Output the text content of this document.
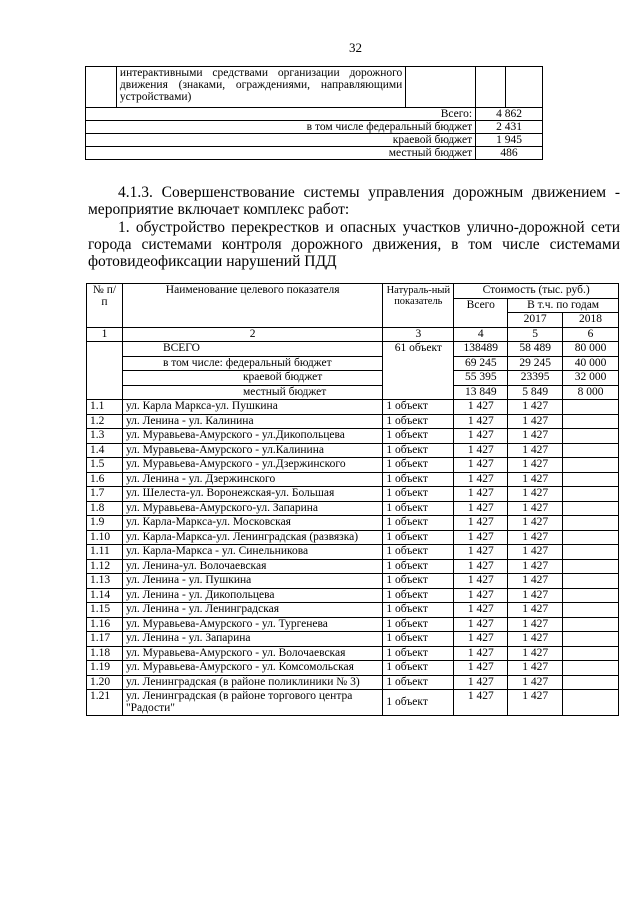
32
	интерактивными средствами организации дорожного движения (знаками, ограждениями, направляющими устройствами)			
Всего:			4 862	
в том числе федеральный бюджет			2 431	
краевой бюджет			1 945	
местный бюджет			486	
4.1.3. Совершенствование системы управления дорожным движением - мероприятие включает комплекс работ:
1. обустройство перекрестков и опасных участков улично-дорожной сети города системами контроля дорожного движения, в том числе системами фотовидеофиксации нарушений ПДД
№ п/п	Наименование целевого показателя	Натураль-ный показатель	Стоимость (тыс. руб.)		
			Всего	В т.ч. по годам	
				2017	2018
1	2	3	4	5	6
	ВСЕГО	61 объект	138489	58 489	80 000
	в том числе: федеральный бюджет		69 245	29 245	40 000
	краевой бюджет		55 395	23395	32 000
	местный бюджет		13 849	5 849	8 000
1.1	ул. Карла Маркса-ул. Пушкина	1 объект	1 427	1 427	
1.2	ул. Ленина - ул. Калинина	1 объект	1 427	1 427	
1.3	ул. Муравьева-Амурского - ул.Дикопольцева	1 объект	1 427	1 427	
1.4	ул. Муравьева-Амурского - ул.Калинина	1 объект	1 427	1 427	
1.5	ул. Муравьева-Амурского - ул.Дзержинского	1 объект	1 427	1 427	
1.6	ул. Ленина - ул. Дзержинского	1 объект	1 427	1 427	
1.7	ул. Шелеста-ул. Воронежская-ул. Большая	1 объект	1 427	1 427	
1.8	ул. Муравьева-Амурского-ул. Запарина	1 объект	1 427	1 427	
1.9	ул. Карла-Маркса-ул. Московская	1 объект	1 427	1 427	
1.10	ул. Карла-Маркса-ул. Ленинградская (развязка)	1 объект	1 427	1 427	
1.11	ул. Карла-Маркса - ул. Синельникова	1 объект	1 427	1 427	
1.12	ул. Ленина-ул. Волочаевская	1 объект	1 427	1 427	
1.13	ул. Ленина - ул. Пушкина	1 объект	1 427	1 427	
1.14	ул. Ленина - ул. Дикопольцева	1 объект	1 427	1 427	
1.15	ул. Ленина - ул. Ленинградская	1 объект	1 427	1 427	
1.16	ул. Муравьева-Амурского - ул. Тургенева	1 объект	1 427	1 427	
1.17	ул. Ленина - ул. Запарина	1 объект	1 427	1 427	
1.18	ул. Муравьева-Амурского - ул. Волочаевская	1 объект	1 427	1 427	
1.19	ул. Муравьева-Амурского - ул. Комсомольская	1 объект	1 427	1 427	
1.20	ул. Ленинградская (в районе поликлиники № 3)	1 объект	1 427	1 427	
1.21	ул. Ленинградская (в районе торгового центра "Радости"	1 объект	1 427	1 427	
